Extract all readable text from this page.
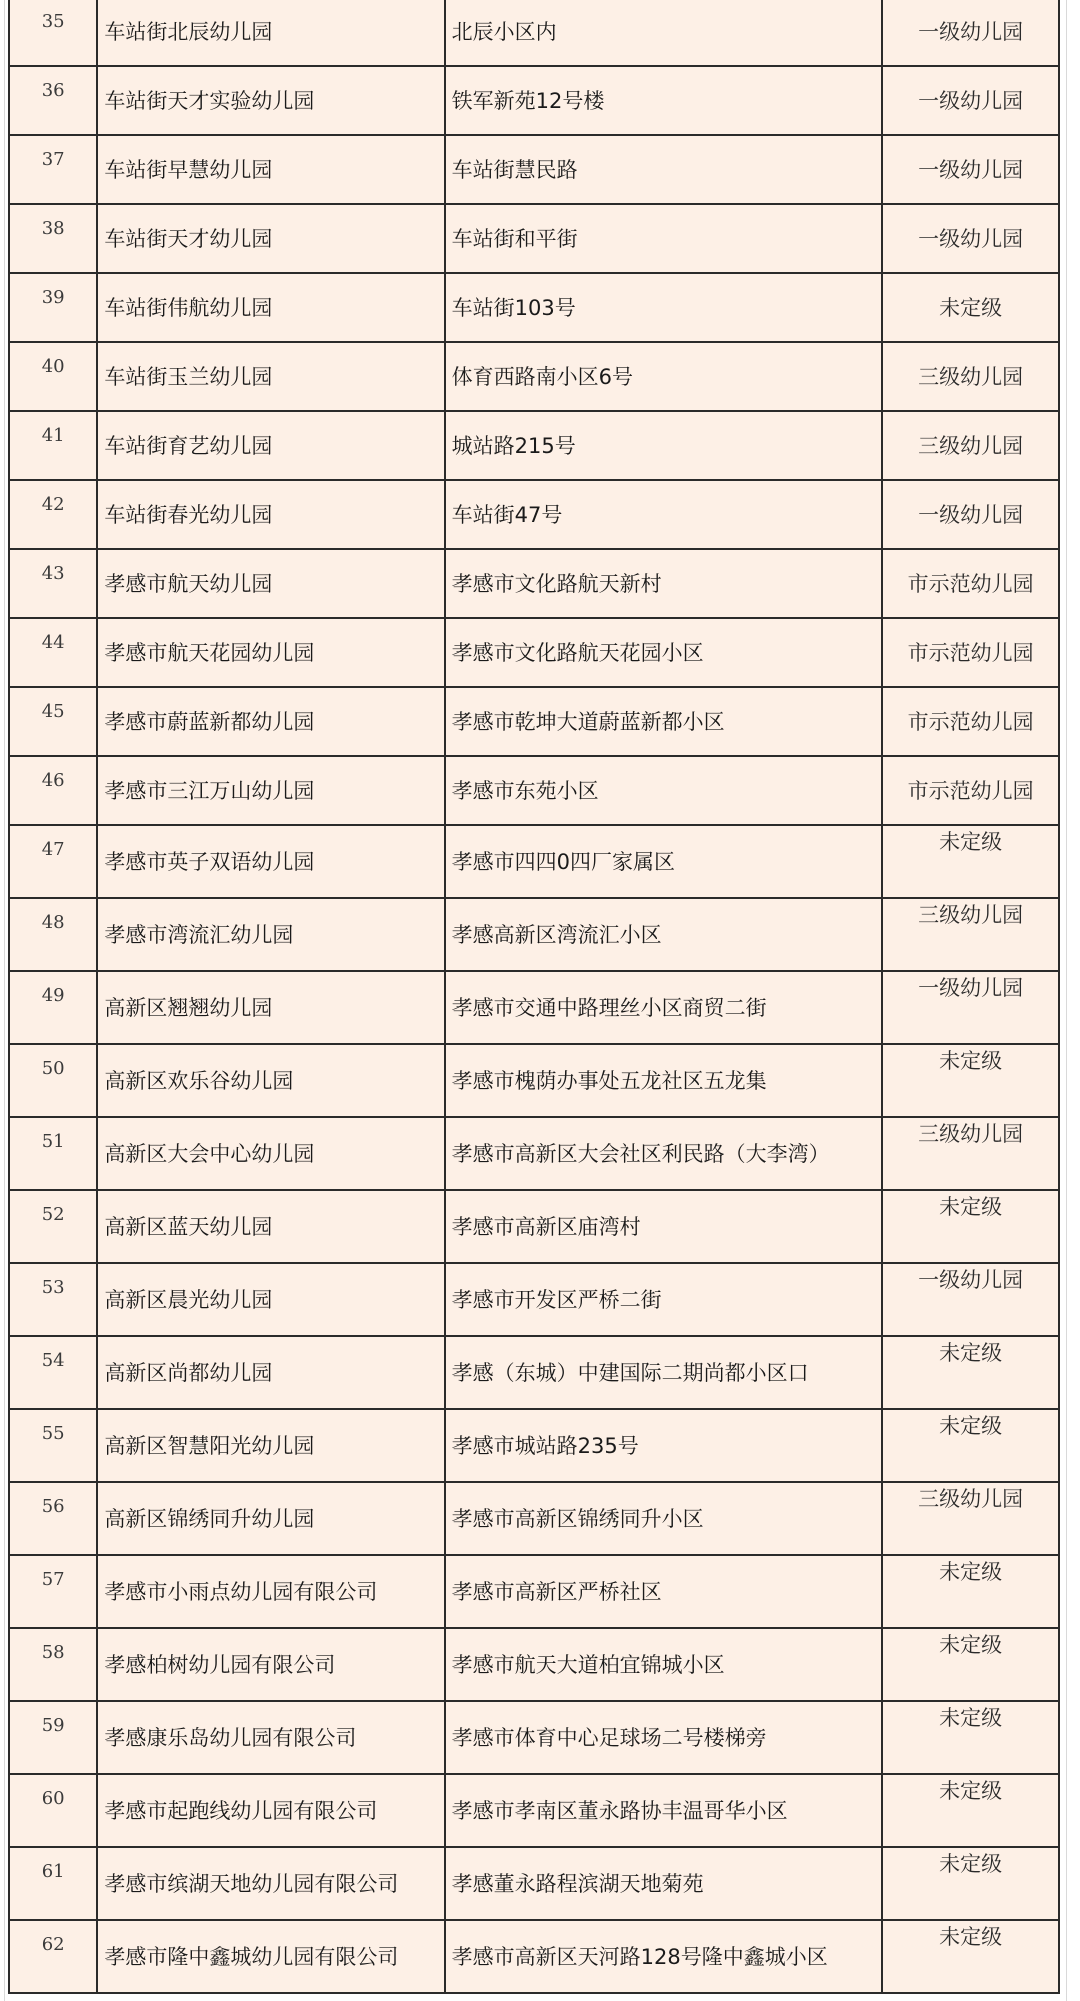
35	车站街北辰幼儿园	北辰小区内	一级幼儿园

36	车站街天才实验幼儿园	铁军新苑12号楼	一级幼儿园

37	车站街早慧幼儿园	车站街慧民路	一级幼儿园

38	车站街天才幼儿园	车站街和平街	一级幼儿园

39	车站街伟航幼儿园	车站街103号	未定级

40	车站街玉兰幼儿园	体育西路南小区6号	三级幼儿园

41	车站街育艺幼儿园	城站路215号	三级幼儿园

42	车站街春光幼儿园	车站街47号	一级幼儿园

43	孝感市航天幼儿园	孝感市文化路航天新村	市示范幼儿园

44	孝感市航天花园幼儿园	孝感市文化路航天花园小区	市示范幼儿园

45	孝感市蔚蓝新都幼儿园	孝感市乾坤大道蔚蓝新都小区	市示范幼儿园

46	孝感市三江万山幼儿园	孝感市东苑小区	市示范幼儿园

47	孝感市英子双语幼儿园	孝感市四四0四厂家属区	未定级

48	孝感市湾流汇幼儿园	孝感高新区湾流汇小区	三级幼儿园

49	高新区翘翘幼儿园	孝感市交通中路理丝小区商贸二街	一级幼儿园

50	高新区欢乐谷幼儿园	孝感市槐荫办事处五龙社区五龙集	未定级

51	高新区大会中心幼儿园	孝感市高新区大会社区利民路（大李湾）	三级幼儿园

52	高新区蓝天幼儿园	孝感市高新区庙湾村	未定级

53	高新区晨光幼儿园	孝感市开发区严桥二街	一级幼儿园

54	高新区尚都幼儿园	孝感（东城）中建国际二期尚都小区口	未定级

55	高新区智慧阳光幼儿园	孝感市城站路235号	未定级

56	高新区锦绣同升幼儿园	孝感市高新区锦绣同升小区	三级幼儿园

57	孝感市小雨点幼儿园有限公司	孝感市高新区严桥社区	未定级

58	孝感柏树幼儿园有限公司	孝感市航天大道柏宜锦城小区	未定级

59	孝感康乐岛幼儿园有限公司	孝感市体育中心足球场二号楼梯旁	未定级

60	孝感市起跑线幼儿园有限公司	孝感市孝南区董永路协丰温哥华小区	未定级

61	孝感市缤湖天地幼儿园有限公司	孝感董永路程滨湖天地菊苑	未定级

62	孝感市隆中鑫城幼儿园有限公司	孝感市高新区天河路128号隆中鑫城小区	未定级
